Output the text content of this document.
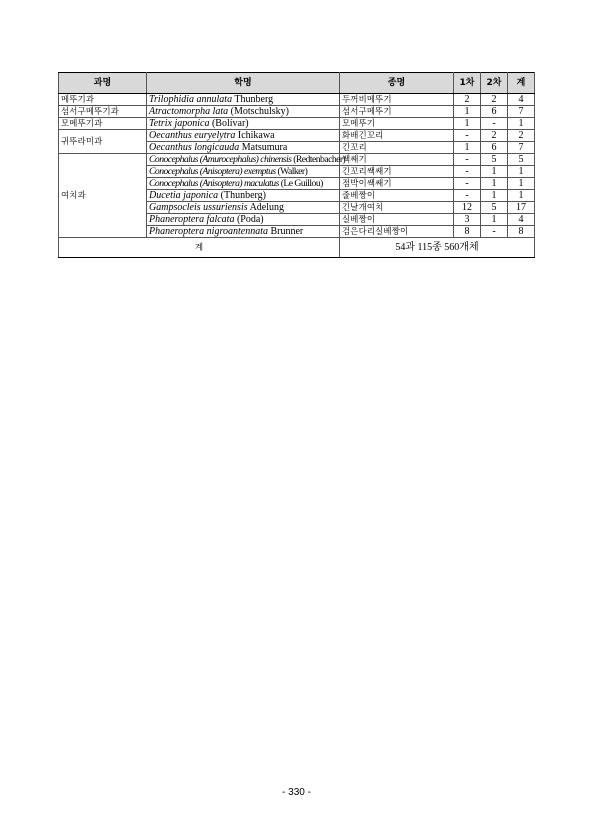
과명	학명	종명	1차	2차	계
메뚜기과	Trilophidia annulata Thunberg	두꺼비메뚜기	2	2	4
섬서구메뚜기과	Atractomorpha lata (Motschulsky)	섬서구메뚜기	1	6	7
모메뚜기과	Tetrix japonica (Bolívar)	모메뚜기	1	-	1
귀뚜라미과	Oecanthus euryelytra Ichikawa	화배긴꼬리	-	2	2
	Oecanthus longicauda Matsumura	긴꼬리	1	6	7
여치과	Conocephalus (Amurocephalus) chinensis (Redtenbacher)	쌕쌔기	-	5	5
	Conocephalus (Anisoptera) exemptus (Walker)	긴꼬리쌕쌔기	-	1	1
	Conocephalus (Anisoptera) maculatus (Le Guillou)	점박이쌕쌔기	-	1	1
	Ducetia japonica (Thunberg)	줄베짱이	-	1	1
	Gampsocleis ussuriensis Adelung	긴날개여치	12	5	17
	Phaneroptera falcata (Poda)	실베짱이	3	1	4
	Phaneroptera nigroantennata Brunner	검은다리실베짱이	8	-	8
계		54과 115종 560개체			
- 330 -
